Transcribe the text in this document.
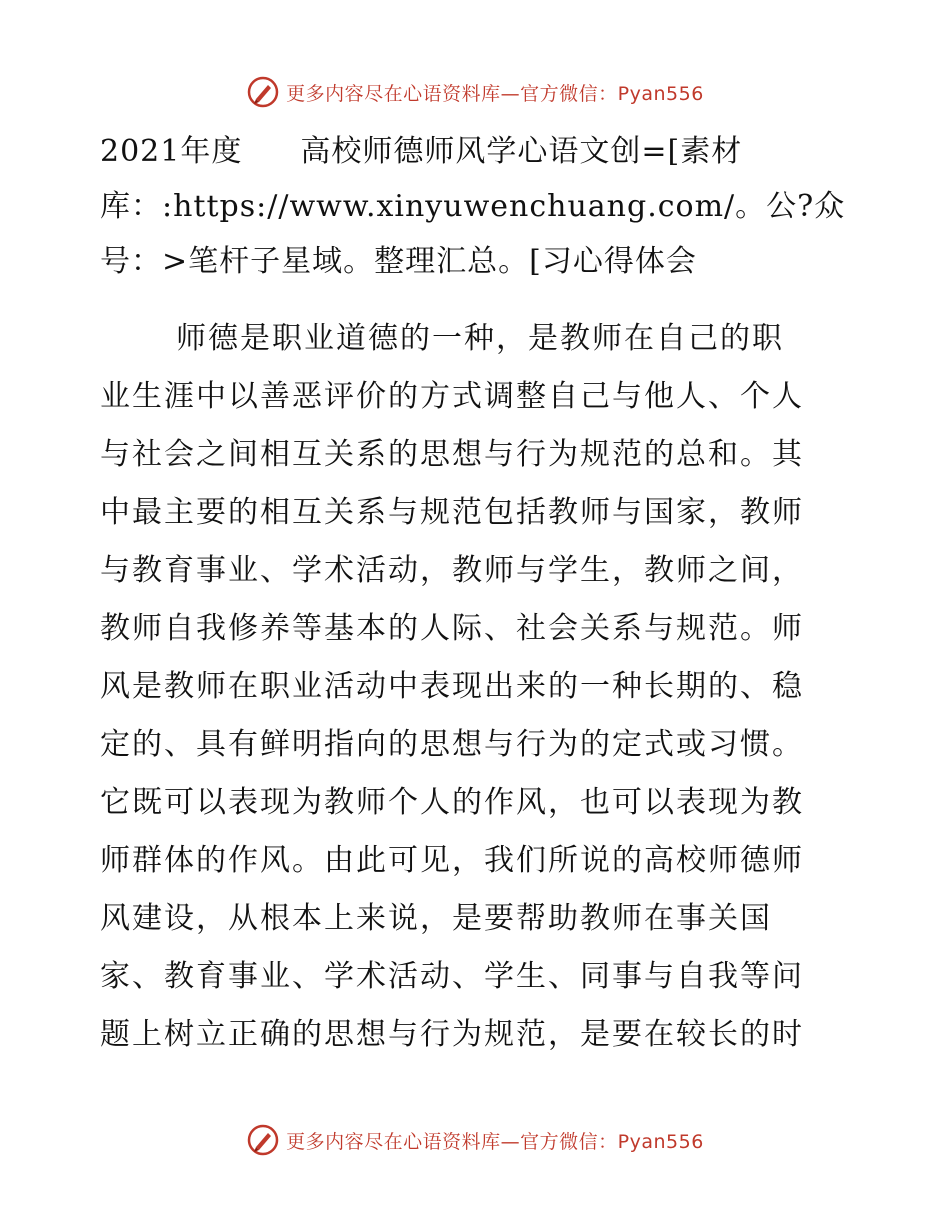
更多内容尽在心语资料库—官方微信：Pyan556
2021年度 高校师德师风学心语文创=[素材
库：:https://www.xinyuwenchuang.com/。公?众
号：>笔杆子星域。整理汇总。[习心得体会
师德是职业道德的一种，是教师在自己的职
业生涯中以善恶评价的方式调整自己与他人、个人
与社会之间相互关系的思想与行为规范的总和。其
中最主要的相互关系与规范包括教师与国家，教师
与教育事业、学术活动，教师与学生，教师之间，
教师自我修养等基本的人际、社会关系与规范。师
风是教师在职业活动中表现出来的一种长期的、稳
定的、具有鲜明指向的思想与行为的定式或习惯。
它既可以表现为教师个人的作风，也可以表现为教
师群体的作风。由此可见，我们所说的高校师德师
风建设，从根本上来说，是要帮助教师在事关国
家、教育事业、学术活动、学生、同事与自我等问
题上树立正确的思想与行为规范，是要在较长的时
更多内容尽在心语资料库—官方微信：Pyan556
